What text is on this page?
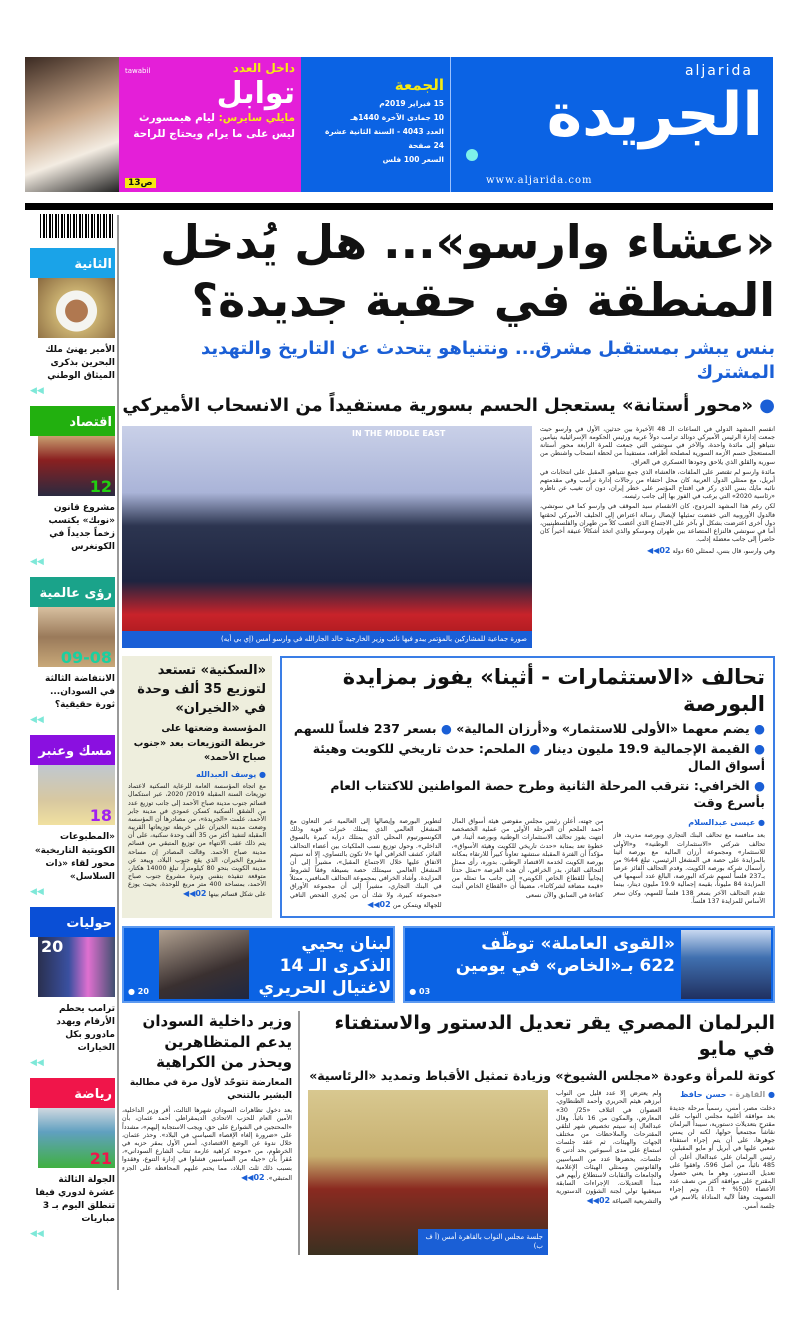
داخل العدد
tawabil
توابل
مايلي سايرس: ليام هيمسورث
ليس على ما يرام ويحتاج للراحة
ص13
الجمعة
15 فبراير 2019م
10 جمادى الآخرة 1440هـ
العدد 4043 - السنة الثانية عشرة
24 صفحة
السعر 100 فلس
aljarida
الجريدة
www.aljarida.com
الثانية
الأمير يهنئ ملك البحرين بذكرى الميثاق الوطني
◀◀
اقتصاد
12
مشروع قانون «نوبك» يكتسب زخماً جديداً في الكونغرس
◀◀
رؤى عالمية
09-08
الانتفاضة الثالثة في السودان... ثورة حقيقية؟
◀◀
مسك وعنبر
18
«المطبوعات الكويتية التاريخية» محور لقاء «ذات السلاسل»
◀◀
حوليات
20
ترامب يحطم الأرقام ويهدد مادورو بكل الخيارات
◀◀
رياضة
21
الجولة الثالثة عشرة لدوري فيفا تنطلق اليوم بـ 3 مباريات
◀◀
«عشاء وارسو»... هل يُدخل
المنطقة في حقبة جديدة؟
بنس يبشر بمستقبل مشرق... ونتنياهو يتحدث عن التاريخ والتهديد المشترك
● «محور أستانة» يستعجل الحسم بسورية مستفيداً من الانسحاب الأميركي

انقسم المشهد الدولي في الساعات الـ 48 الأخيرة بين حدثين، الأول في وارسو حيث جمعت إدارة الرئيس الأميركي دونالد ترامب دولاً عربية ورئيس الحكومة الإسرائيلية بنيامين نتنياهو إلى مائدة واحدة، والآخر في سوتشي التي جمعت للمرة الرابعة محور أستانة المستعجل حسم الأزمة السورية لمصلحة أطرافه، مستفيداً من لحظة انسحاب واشنطن من سورية والقلق الذي يلاحق وجودها العسكري في العراق.

مائدة وارسو لم تقتصر على الملفات، فالعشاء الذي جمع نتنياهو، المقبل على انتخابات في أبريل، مع ممثلي الدول العربية كان محل احتفاء من رجالات إدارة ترامب وفي مقدمتهم نائبه مايك بنس الذي ركز في افتتاح المؤتمر على خطر إيران، دون أن تغيب عن ناظره «رئاسية 2020» التي يرغب في الفوز بها إلى جانب رئيسه.

لكن رغم هذا المشهد المزدوج، كان الانقسام سيد الموقف في وارسو كما في سوتشي، فالدول الأوروبية التي خفضت تمثيلها لإيصال رسالة اعتراض إلى الحليف الأميركي لحقتها دول أخرى اعترضت بشكل أو بآخر على الاجتماع الذي أغضب كلاً من طهران والفلسطينيين، أما في سوتشي فالنزاع المتصاعد بين طهران وموسكو والذي اتخذ أشكالاً عنيفة أخيراً كان حاضراً إلى جانب معضلة إدلب.

وفي وارسو، قال بنس، لممثلي 60 دولة 02◀◀

IN THE MIDDLE EAST
صورة جماعية للمشاركين بالمؤتمر يبدو فيها نائب وزير الخارجية خالد الجارالله في وارسو أمس (إي بي أيه)
تحالف «الاستثمارات - أثينا» يفوز بمزايدة البورصة
● يضم معهما «الأولى للاستثمار» و«أرزان المالية» ● بسعر 237 فلساً للسهم
● القيمة الإجمالية 19.9 مليون دينار ● الملحم: حدث تاريخي للكويت وهيئة أسواق المال
● الخرافي: نترقب المرحلة الثانية وطرح حصة المواطنين للاكتتاب العام بأسرع وقت
● عيسى عبدالسلام
بعد منافسة مع تحالف البنك التجاري وبورصة مدريد، فاز تحالف شركتي «الاستثمارات الوطنية» و«الأولى للاستثمار» ومجموعة أرزان المالية مع بورصة أثينا بالمزايدة على حصة في المشغل الرئيسي، تبلغ 44% من رأسمال شركة بورصة الكويت. وقدم التحالف الفائز عرضاً بـ237 فلساً لسهم شركة البورصة، البالغ عدد أسهمها في المزايدة 84 مليوناً، بقيمة إجمالية 19.9 مليون دينار، بينما تقدم التحالف الآخر بسعر 138 فلساً للسهم، وكان سعر الأساس للمزايدة 137 فلساً.
من جهته، أعلن رئيس مجلس مفوضي هيئة أسواق المال أحمد الملحم أن المرحلة الأولى من عملية الخصخصة انتهت بفوز تحالف الاستثمارات الوطنية وبورصة أثينا، في خطوة تعد بمثابة «حدث تاريخي للكويت وهيئة الأسواق»، مؤكداً أن الفترة المقبلة ستشهد تعاوناً كبيراً للارتقاء بمكانة بورصة الكويت لخدمة الاقتصاد الوطني. بدوره، رأى ممثل التحالف الفائز، بدر الخرافي، أن هذه الفرصة «تمثل حدثاً إيجابياً للقطاع الخاص الكويتي» إلى جانب ما تمثله من «قيمة مضافة لشركاتنا»، مضيفاً أن «القطاع الخاص أثبت كفاءة في السابق والآن نسعى
لتطوير البورصة وإيصالها إلى العالمية عبر التعاون مع المشغل العالمي الذي يمتلك خبرات قوية وذلك الكونسورتيوم المحلي الذي يمتلك دراية كبيرة بالسوق الداخلي». وحول توزيع نسب الملكيات بين أعضاء التحالف الفائز، كشف الخرافي أنها «لا تكون بالتساوي، إلا أنه سيتم الاتفاق عليها خلال الاجتماع المقبل»، مشيراً إلى أن المشغل العالمي سيمتلك حصة بسيطة وفقاً لشروط المزايدة. وأشاد الخرافي بمجموعة التحالف المنافس، ممثلاً في البنك التجاري، مشيراً إلى أن مجموعة الأوراق «مجموعة كبيرة، ولا شك أن من يُجري الفحص النافي للجهالة ويتمكن من 02◀◀
«السكنية» تستعد لتوزيع 35 ألف وحدة في «الخيران»
المؤسسة وضعتها على خريطة التوزيعات بعد «جنوب صباح الأحمد»
● يوسف العبدالله
مع اتجاه المؤسسة العامة للرعاية السكنية لاعتماد توزيعات السنة المقبلة 2019/ 2020، عبر استكمال قسائم جنوب مدينة صباح الأحمد إلى جانب توزيع عدد من الشقق السكنية كسكن عمودي في مدينة جابر الأحمد، علمت «الجريدة»، من مصادرها أن المؤسسة وضعت مدينة الخيران على خريطة توزيعاتها القريبة المقبلة لتنفيذ أكثر من 35 ألف وحدة سكنية، على أن يتم ذلك عقب الانتهاء من توزيع المتبقي من قسائم مدينة صباح الأحمد. وقالت المصادر إن مساحة مشروع الخيران، الذي يقع جنوب البلاد، ويبعد عن مدينة الكويت بنحو 80 كيلومتراً، تبلغ 14000 هكتار، متوقعة تنفيذه بنفس وتيرة مشروع جنوب صباح الأحمد، بمساحة 400 متر مربع للوحدة، بحيث يوزع على شكل قسائم بينها 02◀◀
«القوى العاملة» توظّف 622 بـ«الخاص» في يومين
● 03
لبنان يحيي الذكرى الـ 14 لاغتيال الحريري
● 20
البرلمان المصري يقر تعديل الدستور والاستفتاء في مايو
كوتة للمرأة وعودة «مجلس الشيوخ» وزيادة تمثيل الأقباط وتمديد «الرئاسية»
● القاهرة - حسن حافظ
دخلت مصر، أمس، رسمياً مرحلة جديدة بعد موافقة أغلبية مجلس النواب على مقترح بتعديلات دستورية، سيبدأ البرلمان نقاشاً مجتمعياً حولها، لكنه لن يمس جوهرها، على أن يتم إجراء استفتاء شعبي عليها في أبريل أو مايو المقبلين. رئيس البرلمان علي عبدالعال أعلن أن 485 نائباً، من أصل 596، وافقوا على تعديل الدستور، وهو ما يعني حصول المقترح على موافقة أكثر من نصف عدد الأعضاء (50% + 1)، وتم إجراء التصويت وفقاً لآلية المناداة بالاسم في جلسة أمس.
ولم يعترض إلا عدد قليل من النواب أبرزهم هيثم الحريري وأحمد الطنطاوي، العضوان في ائتلاف «25/ 30» المعارض، والمكون من 16 نائباً. وقال عبدالعال إنه سيتم تخصيص شهر لتلقي المقترحات والملاحظات من مختلف الجهات والهيئات، ثم عقد جلسات استماع على مدى أسبوعين بحد أدنى 6 جلسات، يحضرها عدد من السياسيين والقانونيين وممثلي الهيئات الإعلامية والجامعات والنقابات لاستطلاع رأيهم في مبدأ التعديلات. الإجراءات السابقة سيعقبها تولي لجنة الشؤون الدستورية والتشريعية الصياغة 02◀◀
جلسة مجلس النواب بالقاهرة أمس (أ ف ب)
وزير داخلية السودان يدعم المتظاهرين ويحذر من الكراهية
المعارضة تتوحّد لأول مرة في مطالبة البشير بالتنحي
بعد دخول تظاهرات السودان شهرها الثالث، أقر وزير الداخلية، الأمين العام للحزب الاتحادي الديمقراطي أحمد عثمان، بأن «المحتجين في الشوارع على حق، ويجب الاستجابة إليهم»، مشدداً على «ضرورة إلغاء الإقصاء السياسي في البلاد». وحذر عثمان، خلال ندوة عن الوضع الاقتصادي، أمس الأول بمقر حزبه في الخرطوم، من «موجة كراهية عارمة تنتاب الشارع السوداني»، مُقراً بأن «جيله من السياسيين فشلوا في إدارة التنوع، وفقدوا بسبب ذلك ثلث البلاد، مما يحتم عليهم المحافظة على الجزء المتبقي». 02◀◀
